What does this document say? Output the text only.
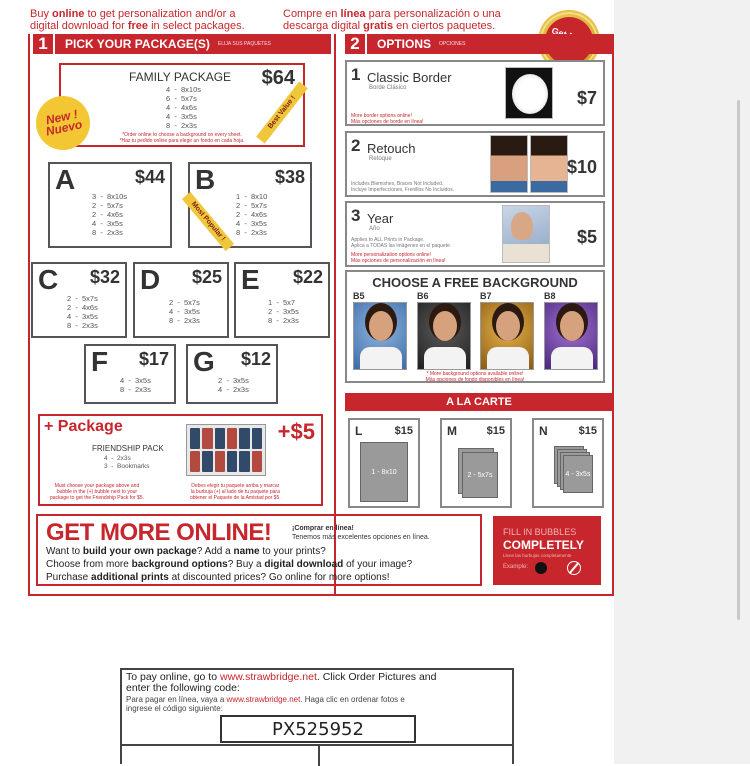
Buy online to get personalization and/or a
digital download for free in select packages.
Compre en línea para personalización o una
descarga digital gratis en ciertos paquetes.
1	PICK YOUR PACKAGE(S) ELIJA SUS PAQUETES	2	OPTIONS OPCIONES
FAMILY PACKAGE $64
4  -  8x10s
6  -  5x7s
4  -  4x6s
4  -  3x5s
8  -  2x3s
*Order online to choose a background on every sheet.
*Haz tu pedido online para elegir un fondo en cada hoja.
Best Value !
New ! Nuevo
A	$44
3  -  8x10s
2  -  5x7s
2  -  4x6s
4  -  3x5s
8  -  2x3s
B	$38
1  -  8x10
2  -  5x7s
2  -  4x6s
4  -  3x5s
8  -  2x3s
Most Popular !
C $32
2  -  5x7s
2  -  4x6s
4  -  3x5s
8  -  2x3s
D $25
2  -  5x7s
4  -  3x5s
8  -  2x3s
E $22
1  -  5x7
2  -  3x5s
8  -  2x3s
F $17
4  -  3x5s
8  -  2x3s
G $12
2  -  3x5s
4  -  2x3s
+ Package	+$5
FRIENDSHIP PACK
4  -  2x3s
3  -  Bookmarks
Must choose your package above and
bubble in the (+) bubble next to your
package to get the Friendship Pack for $5.
Debes elegir tu paquete arriba y marcar
la burbuja (+) al lado de tu paquete para
obtener el Paquete de la Amistad por $5.
1 Classic Border
Borde Clásico	$7
More border options online!
Más opciones de borde en línea!
2 Retouch
Retoque	$10
Includes Blemishes, Braces Not Included.
Incluye Imperfecciones, Frenillos No Incluidos.
3 Year
Año	$5
Applies to ALL Prints in Package.
Aplica a TODAS las imágenes en el paquete.
More personalization options online!
Más opciones de personalización en línea!
CHOOSE A FREE BACKGROUND
B5	B6	B7	B8
* More background options available online!
Más opciones de fondo disponibles en línea!
A LA CARTE
L	$15
1 - 8x10
M	$15
2 - 5x7s
N	$15
4 - 3x5s
GET MORE ONLINE!	¡Comprar en línea!
Tenemos más excelentes opciones en línea.
Want to build your own package? Add a name to your prints?
Choose from more background options? Buy a digital download of your image?
Purchase additional prints at discounted prices? Go online for more options!
FILL IN BUBBLES
COMPLETELY
Llene las burbujas completamente
Example:
To pay online, go to www.strawbridge.net. Click Order Pictures and
enter the following code:
Para pagar en línea, vaya a www.strawbridge.net. Haga clic en ordenar fotos e
ingrese el código siguiente:
PX525952
